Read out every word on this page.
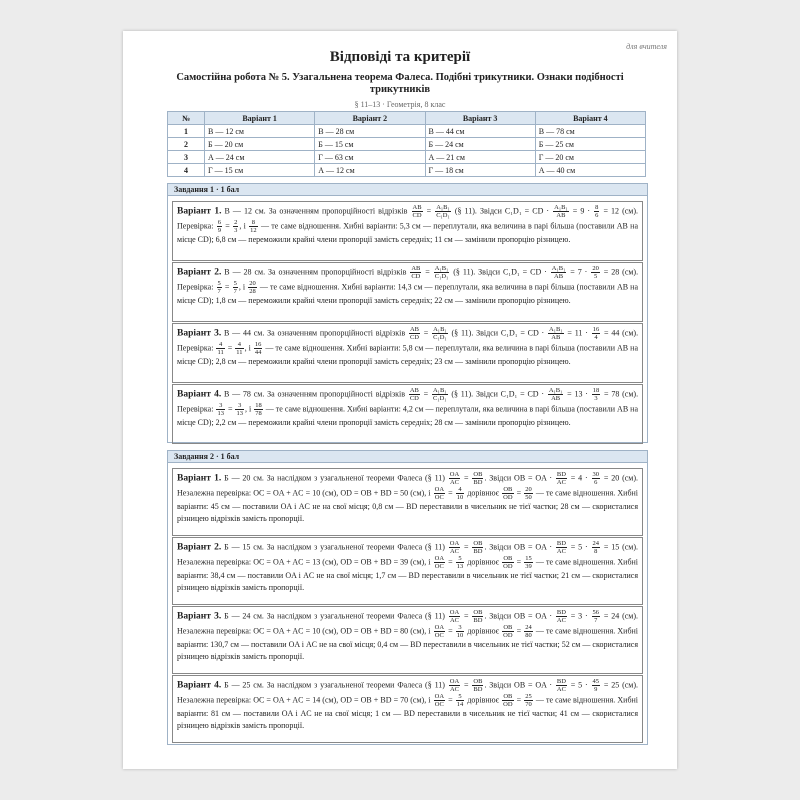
для вчителя
Відповіді та критерії
Самостійна робота № 5. Узагальнена теорема Фалеса. Подібні трикутники. Ознаки подібності трикутників
§ 11–13 · Геометрія, 8 клас
№	Варіант 1	Варіант 2	Варіант 3	Варіант 4
1	В — 12 см	В — 28 см	В — 44 см	В — 78 см
2	Б — 20 см	Б — 15 см	Б — 24 см	Б — 25 см
3	А — 24 см	Г — 63 см	А — 21 см	Г — 20 см
4	Г — 15 см	А — 12 см	Г — 18 см	А — 40 см
Завдання 1 · 1 бал
Варіант 1. В — 12 см. За означенням пропорційності відрізків $\frac{AB}{CD} = \frac{\text{A₁B₁}}{\text{C₁D₁}}$ (§ 11). Звідси C₁D₁ = CD · $\frac{\text{A₁B₁}}{AB} = 9 \cdot \frac{8}{6} = 12$ (см). Перевірка: $\frac{6}{9} = \frac{2}{3}$ , і $\frac{8}{12}$ — те саме відношення. Хибні варіанти: 5,3 см — переплутали, яка величина в парі більша (поставили AB на місце CD); 6,8 см — переможили крайні члени пропорції замість середніх; 11 см — замінили пропорцію різницею.
Варіант 2. В — 28 см. За означенням пропорційності відрізків $\frac{AB}{CD} = \frac{\text{A₁B₁}}{\text{C₁D₁}}$ (§ 11). Звідси C₁D₁ = CD · $\frac{\text{A₁B₁}}{AB} = 7 \cdot \frac{20}{5} = 28$ (см). Перевірка: $\frac{5}{7} = \frac{5}{7}$ , і $\frac{20}{28}$ — те саме відношення. Хибні варіанти: 14,3 см — переплутали, яка величина в парі більша (поставили AB на місце CD); 1,8 см — переможили крайні члени пропорції замість середніх; 22 см — замінили пропорцію різницею.
Варіант 3. В — 44 см. За означенням пропорційності відрізків $\frac{AB}{CD} = \frac{\text{A₁B₁}}{\text{C₁D₁}}$ (§ 11). Звідси C₁D₁ = CD · $\frac{\text{A₁B₁}}{AB} = 11 \cdot \frac{16}{4} = 44$ (см). Перевірка: $\frac{4}{11} = \frac{4}{11}$ , і $\frac{16}{44}$ — те саме відношення. Хибні варіанти: 5,8 см — переплутали, яка величина в парі більша (поставили AB на місце CD); 2,8 см — переможили крайні члени пропорції замість середніх; 23 см — замінили пропорцію різницею.
Варіант 4. В — 78 см. За означенням пропорційності відрізків $\frac{AB}{CD} = \frac{\text{A₁B₁}}{\text{C₁D₁}}$ (§ 11). Звідси C₁D₁ = CD · $\frac{\text{A₁B₁}}{AB} = 13 \cdot \frac{18}{3} = 78$ (см). Перевірка: $\frac{3}{13} = \frac{3}{13}$ , і $\frac{18}{78}$ — те саме відношення. Хибні варіанти: 4,2 см — переплутали, яка величина в парі більша (поставили AB на місце CD); 2,2 см — переможили крайні члени пропорції замість середніх; 28 см — замінили пропорцію різницею.
Завдання 2 · 1 бал
Варіант 1. Б — 20 см. За наслідком з узагальненої теореми Фалеса (§ $11) \frac{OA}{AC} = \frac{OB}{BD}$ . Звідси OB = OA · $\frac{BD}{AC} = 4 \cdot \frac{30}{6} = 20$ (см). Незалежна перевірка: OC = OA + AC = 10 (см), OD = OB + BD = 50 (см), і $\frac{OA}{OC} = \frac{4}{10}$ дорівнює $\frac{OB}{OD} = \frac{20}{50}$ — те саме відношення. Хибні варіанти: 45 см — поставили OA і AC не на свої місця; 0,8 см — BD переставили в чисельник не тієї частки; 28 см — скористалися різницею відрізків замість пропорції.
Варіант 2. Б — 15 см. За наслідком з узагальненої теореми Фалеса (§ $11) \frac{OA}{AC} = \frac{OB}{BD}$ . Звідси OB = OA · $\frac{BD}{AC} = 5 \cdot \frac{24}{8} = 15$ (см). Незалежна перевірка: OC = OA + AC = 13 (см), OD = OB + BD = 39 (см), і $\frac{OA}{OC} = \frac{5}{13}$ дорівнює $\frac{OB}{OD} = \frac{15}{39}$ — те саме відношення. Хибні варіанти: 38,4 см — поставили OA і AC не на свої місця; 1,7 см — BD переставили в чисельник не тієї частки; 21 см — скористалися різницею відрізків замість пропорції.
Варіант 3. Б — 24 см. За наслідком з узагальненої теореми Фалеса (§ $11) \frac{OA}{AC} = \frac{OB}{BD}$ . Звідси OB = OA · $\frac{BD}{AC} = 3 \cdot \frac{56}{7} = 24$ (см). Незалежна перевірка: OC = OA + AC = 10 (см), OD = OB + BD = 80 (см), і $\frac{OA}{OC} = \frac{3}{10}$ дорівнює $\frac{OB}{OD} = \frac{24}{80}$ — те саме відношення. Хибні варіанти: 130,7 см — поставили OA і AC не на свої місця; 0,4 см — BD переставили в чисельник не тієї частки; 52 см — скористалися різницею відрізків замість пропорції.
Варіант 4. Б — 25 см. За наслідком з узагальненої теореми Фалеса (§ $11) \frac{OA}{AC} = \frac{OB}{BD}$ . Звідси OB = OA · $\frac{BD}{AC} = 5 \cdot \frac{45}{9} = 25$ (см). Незалежна перевірка: OC = OA + AC = 14 (см), OD = OB + BD = 70 (см), і $\frac{OA}{OC} = \frac{5}{14}$ дорівнює $\frac{OB}{OD} = \frac{25}{70}$ — те саме відношення. Хибні варіанти: 81 см — поставили OA і AC не на свої місця; 1 см — BD переставили в чисельник не тієї частки; 41 см — скористалися різницею відрізків замість пропорції.
